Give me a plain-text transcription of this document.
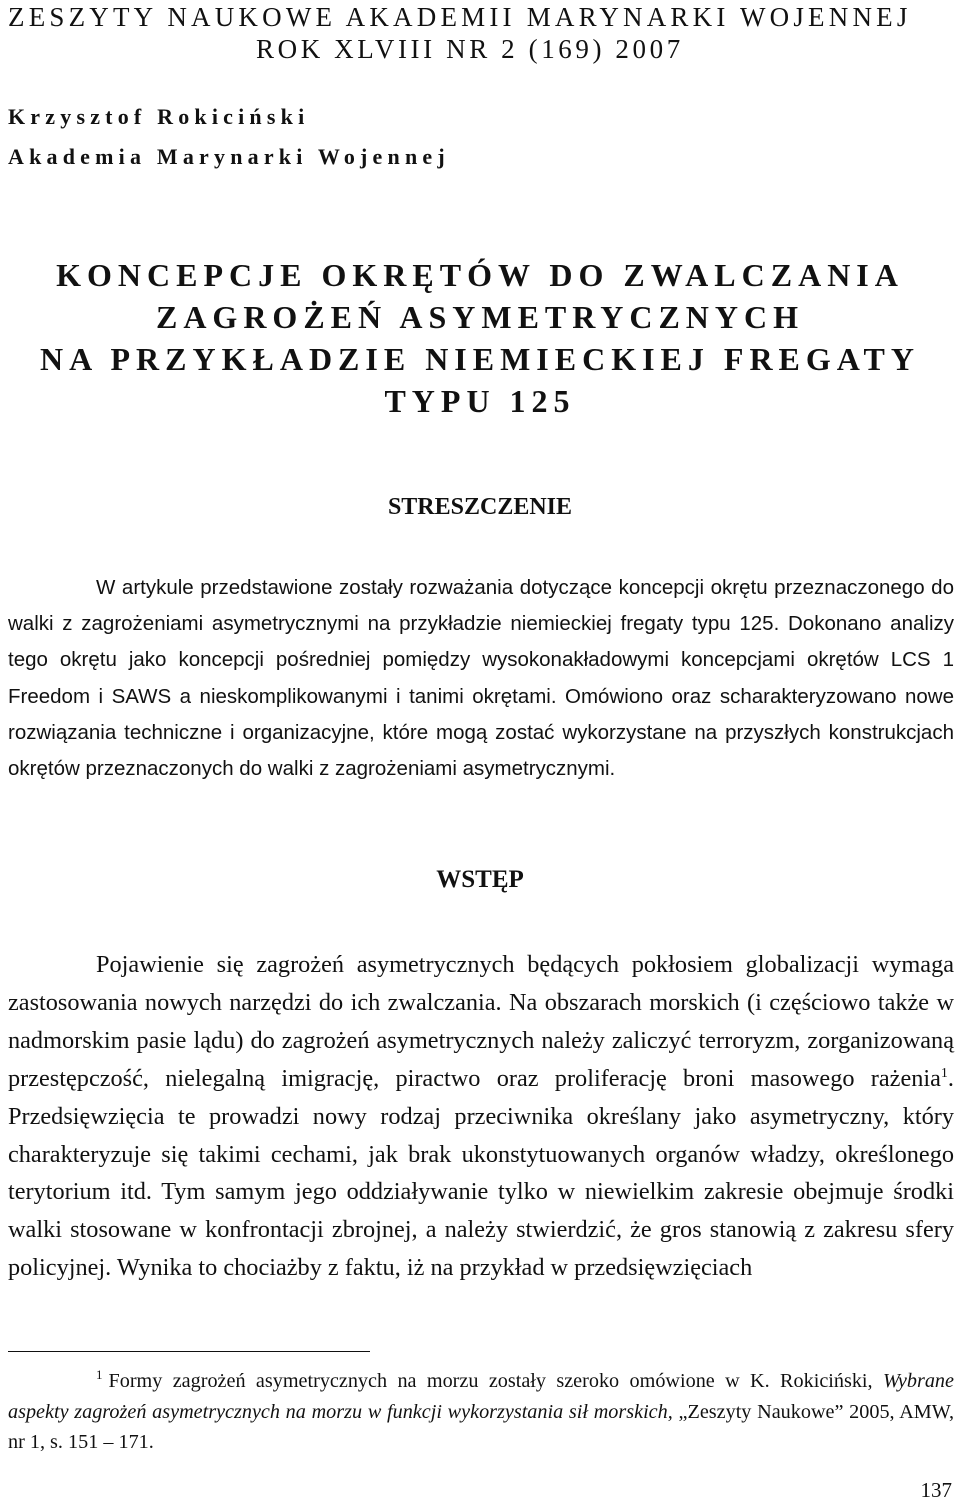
ZESZYTY NAUKOWE AKADEMII MARYNARKI WOJENNEJ
ROK XLVIII NR 2 (169) 2007
Krzysztof Rokiciński
Akademia Marynarki Wojennej
KONCEPCJE OKRĘTÓW DO ZWALCZANIA
ZAGROŻEŃ ASYMETRYCZNYCH
NA PRZYKŁADZIE NIEMIECKIEJ FREGATY
TYPU 125
STRESZCZENIE

W artykule przedstawione zostały rozważania dotyczące koncepcji okrętu przeznaczonego do walki z zagrożeniami asymetrycznymi na przykładzie niemieckiej fregaty typu 125. Dokonano analizy tego okrętu jako koncepcji pośredniej pomiędzy wysokonakładowymi koncepcjami okrętów LCS 1 Freedom i SAWS a nieskomplikowanymi i tanimi okrętami. Omówiono oraz scharakteryzowano nowe rozwiązania techniczne i organizacyjne, które mogą zostać wykorzystane na przyszłych konstrukcjach okrętów przeznaczonych do walki z zagrożeniami asymetrycznymi.

WSTĘP

Pojawienie się zagrożeń asymetrycznych będących pokłosiem globalizacji wymaga zastosowania nowych narzędzi do ich zwalczania. Na obszarach morskich (i częściowo także w nadmorskim pasie lądu) do zagrożeń asymetrycznych należy zaliczyć terroryzm, zorganizowaną przestępczość, nielegalną imigrację, piractwo oraz proliferację broni masowego rażenia$^1$. Przedsięwzięcia te prowadzi nowy rodzaj przeciwnika określany jako asymetryczny, który charakteryzuje się takimi cechami, jak brak ukonstytuowanych organów władzy, określonego terytorium itd. Tym samym jego oddziaływanie tylko w niewielkim zakresie obejmuje środki walki stosowane w konfrontacji zbrojnej, a należy stwierdzić, że gros stanowią z zakresu sfery policyjnej. Wynika to chociażby z faktu, iż na przykład w przedsięwzięciach

$^1$ Formy zagrożeń asymetrycznych na morzu zostały szeroko omówione w K. Rokiciński, Wybrane aspekty zagrożeń asymetrycznych na morzu w funkcji wykorzystania sił morskich, „Zeszyty Naukowe” 2005, AMW, nr 1, s. 151 – 171.

137
